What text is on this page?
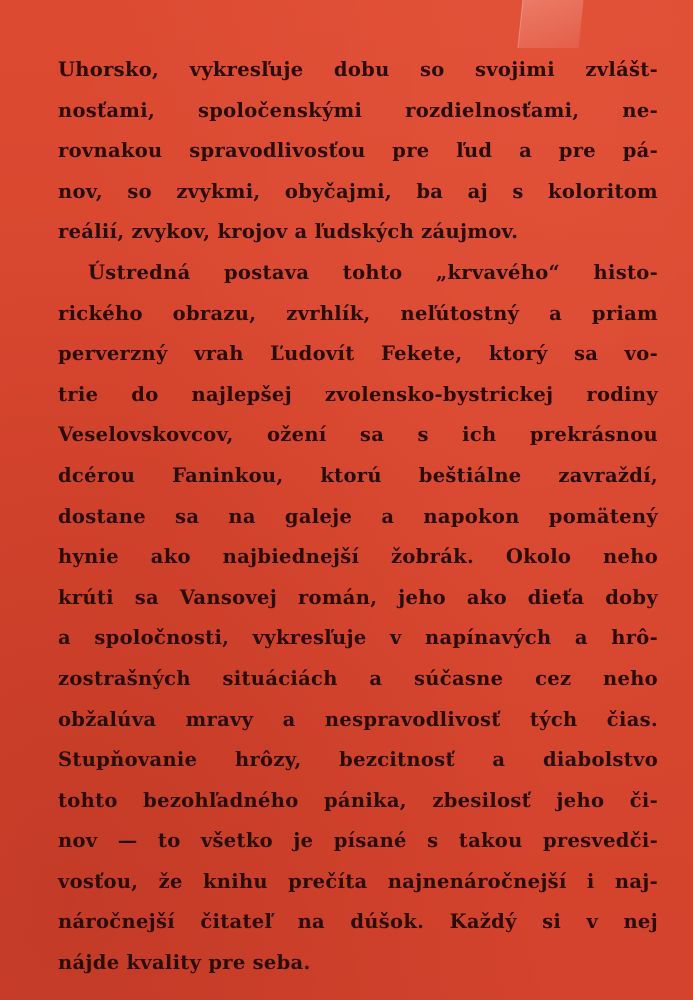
Uhorsko, vykresľuje dobu so svojimi zvlášt-
nosťami, spoločenskými rozdielnosťami, ne-
rovnakou spravodlivosťou pre ľud a pre pá-
nov, so zvykmi, obyčajmi, ba aj s koloritom
reálií, zvykov, krojov a ľudských záujmov.
Ústredná postava tohto „krvavého“ histo-
rického obrazu, zvrhlík, neľútostný a priam
perverzný vrah Ľudovít Fekete, ktorý sa vo-
trie do najlepšej zvolensko-bystrickej rodiny
Veselovskovcov, ožení sa s ich prekrásnou
dcérou Faninkou, ktorú beštiálne zavraždí,
dostane sa na galeje a napokon pomätený
hynie ako najbiednejší žobrák. Okolo neho
krúti sa Vansovej román, jeho ako dieťa doby
a spoločnosti, vykresľuje v napínavých a hrô-
zostrašných situáciách a súčasne cez neho
obžalúva mravy a nespravodlivosť tých čias.
Stupňovanie hrôzy, bezcitnosť a diabolstvo
tohto bezohľadného pánika, zbesilosť jeho či-
nov — to všetko je písané s takou presvedči-
vosťou, že knihu prečíta najnenáročnejší i naj-
náročnejší čitateľ na dúšok. Každý si v nej
nájde kvality pre seba.
